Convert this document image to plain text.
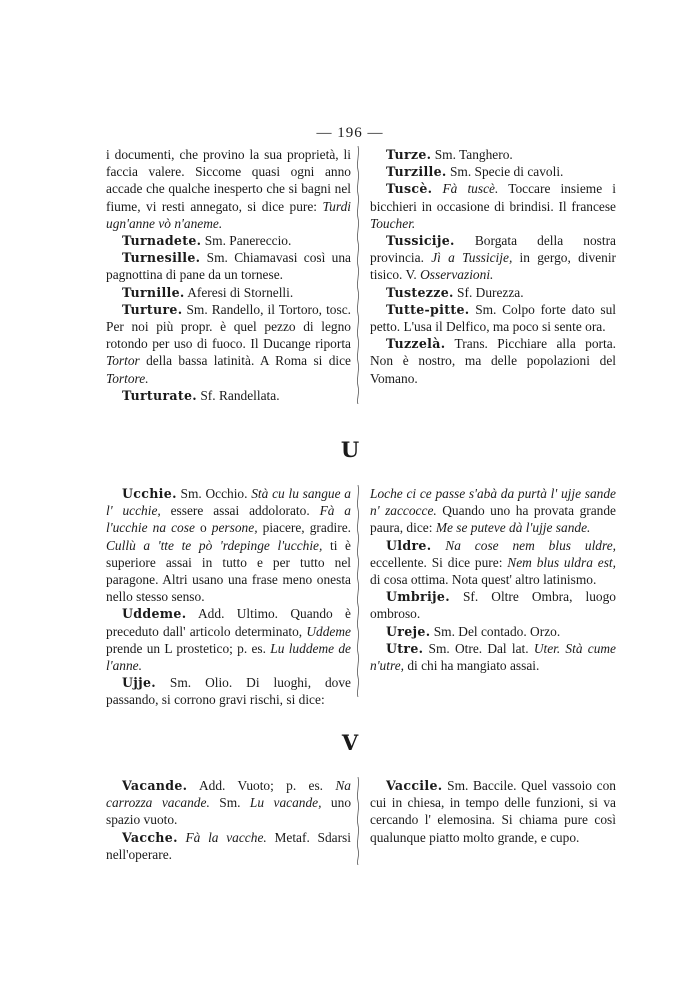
— 196 —

i documenti, che provino la sua proprietà, li faccia valere. Siccome quasi ogni anno accade che qualche inesperto che si bagni nel fiume, vi resti annegato, si dice pure: Turdi ugn'anne vò n'aneme.

Turnadete. Sm. Panereccio.

Turnesille. Sm. Chiamavasi così una pagnottina di pane da un tornese.

Turnille. Aferesi di Stornelli.

Turture. Sm. Randello, il Tortoro, tosc. Per noi più propr. è quel pezzo di legno rotondo per uso di fuoco. Il Ducange riporta Tortor della bassa latinità. A Roma si dice Tortore.

Turturate. Sf. Randellata.

Turze. Sm. Tanghero.

Turzille. Sm. Specie di cavoli.

Tuscè. Fà tuscè. Toccare insieme i bicchieri in occasione di brindisi. Il francese Toucher.

Tussicije. Borgata della nostra provincia. Jì a Tussicije, in gergo, divenir tisico. V. Osservazioni.

Tustezze. Sf. Durezza.

Tutte-pitte. Sm. Colpo forte dato sul petto. L'usa il Delfico, ma poco si sente ora.

Tuzzelà. Trans. Picchiare alla porta. Non è nostro, ma delle popolazioni del Vomano.

U

Ucchie. Sm. Occhio. Stà cu lu sangue a l' ucchie, essere assai addolorato. Fà a l'ucchie na cose o persone, piacere, gradire. Cullù a 'tte te pò 'rdepinge l'ucchie, ti è superiore assai in tutto e per tutto nel paragone. Altri usano una frase meno onesta nello stesso senso.

Uddeme. Add. Ultimo. Quando è preceduto dall' articolo determinato, Uddeme prende un L prostetico; p. es. Lu luddeme de l'anne.

Ujje. Sm. Olio. Di luoghi, dove passando, si corrono gravi rischi, si dice:

Loche ci ce passe s'abà da purtà l' ujje sande n' zaccocce. Quando uno ha provata grande paura, dice: Me se puteve dà l'ujje sande.

Uldre. Na cose nem blus uldre, eccellente. Si dice pure: Nem blus uldra est, di cosa ottima. Nota quest' altro latinismo.

Umbrije. Sf. Oltre Ombra, luogo ombroso.

Ureje. Sm. Del contado. Orzo.

Utre. Sm. Otre. Dal lat. Uter. Stà cume n'utre, di chi ha mangiato assai.

V

Vacande. Add. Vuoto; p. es. Na carrozza vacande. Sm. Lu vacande, uno spazio vuoto.

Vacche. Fà la vacche. Metaf. Sdarsi nell'operare.

Vaccile. Sm. Baccile. Quel vassoio con cui in chiesa, in tempo delle funzioni, si va cercando l' elemosina. Si chiama pure così qualunque piatto molto grande, e cupo.
